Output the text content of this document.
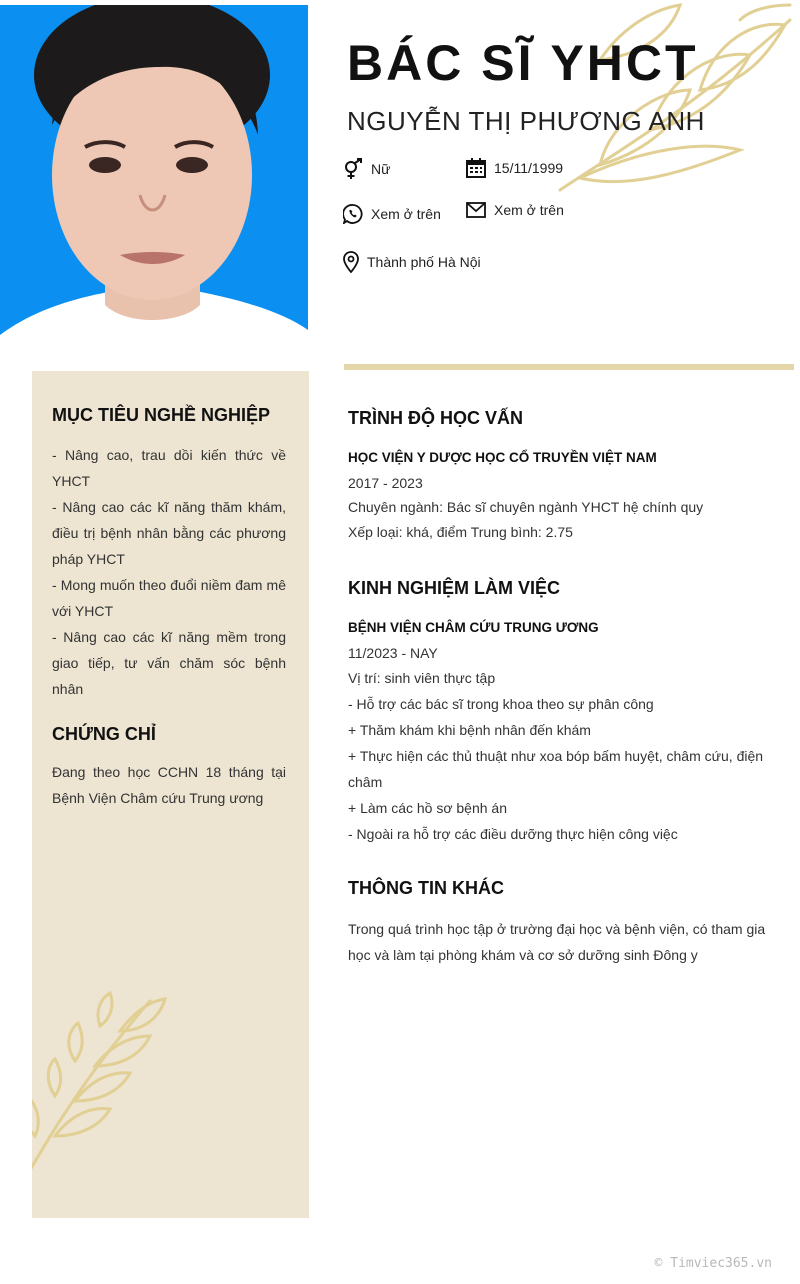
MỤC TIÊU NGHỀ NGHIỆP

- Nâng cao, trau dồi kiến thức về YHCT

- Nâng cao các kĩ năng thăm khám, điều trị bệnh nhân bằng các phương pháp YHCT

- Mong muốn theo đuổi niềm đam mê với YHCT

- Nâng cao các kĩ năng mềm trong giao tiếp, tư vấn chăm sóc bệnh nhân

CHỨNG CHỈ

Đang theo học CCHN 18 tháng tại Bệnh Viện Châm cứu Trung ương

BÁC SĨ YHCT
NGUYỄN THỊ PHƯƠNG ANH
Nữ	15/11/1999
Xem ở trên	Xem ở trên
Thành phố Hà Nội
TRÌNH ĐỘ HỌC VẤN

HỌC VIỆN Y DƯỢC HỌC CỔ TRUYỀN VIỆT NAM

2017 - 2023

Chuyên ngành: Bác sĩ chuyên ngành YHCT hệ chính quy

Xếp loại: khá, điểm Trung bình: 2.75

KINH NGHIỆM LÀM VIỆC

BỆNH VIỆN CHÂM CỨU TRUNG ƯƠNG

11/2023 - NAY

Vị trí: sinh viên thực tập

- Hỗ trợ các bác sĩ trong khoa theo sự phân công

+ Thăm khám khi bệnh nhân đến khám

+ Thực hiện các thủ thuật như xoa bóp bấm huyệt, châm cứu, điện châm

+ Làm các hồ sơ bệnh án

- Ngoài ra hỗ trợ các điều dưỡng thực hiện công việc

THÔNG TIN KHÁC

Trong quá trình học tập ở trường đại học và bệnh viện, có tham gia học và làm tại phòng khám và cơ sở dưỡng sinh Đông y

© Timviec365.vn
